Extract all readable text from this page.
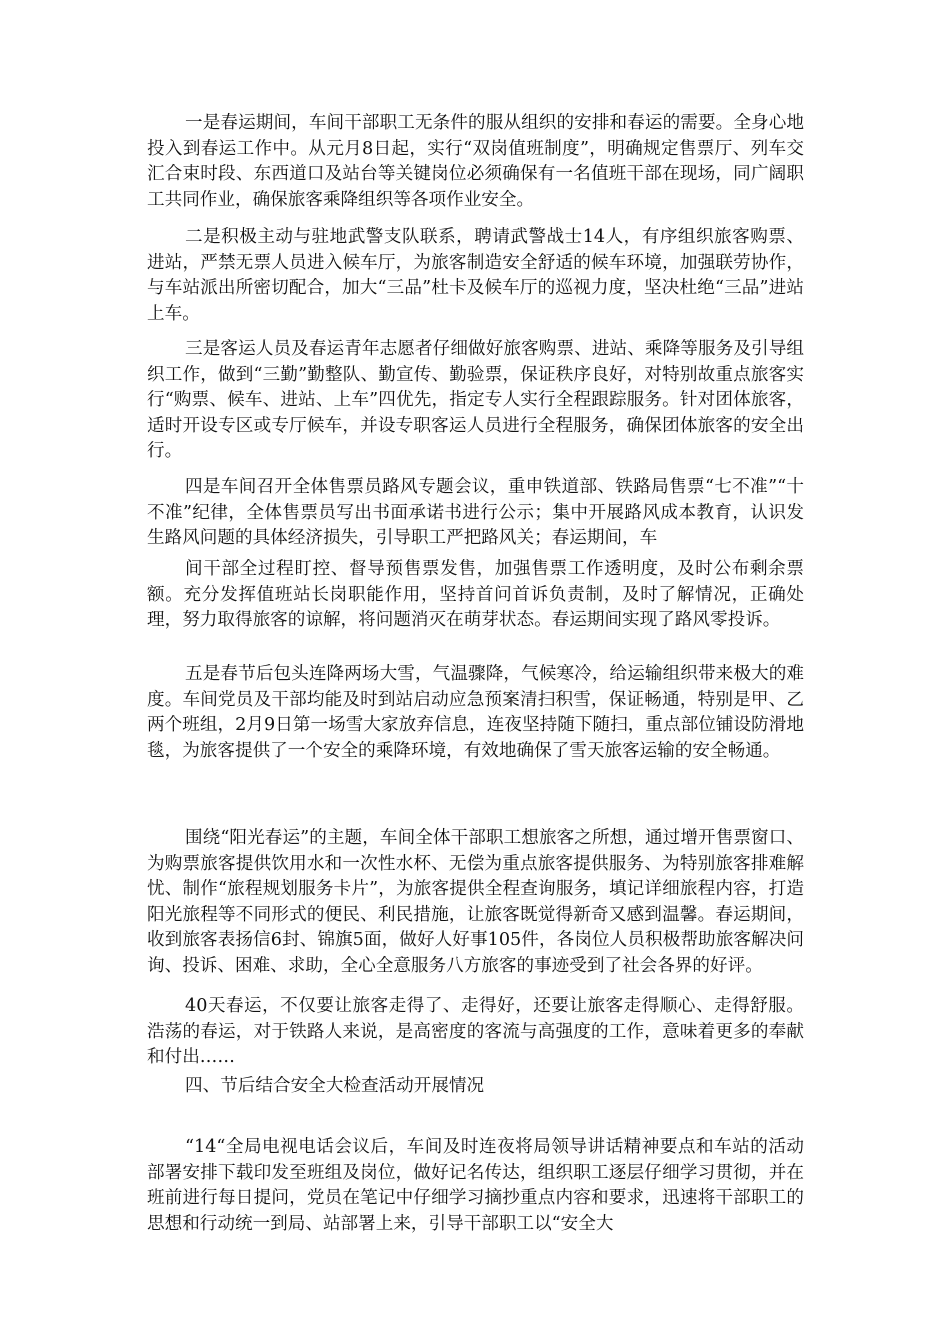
一是春运期间，车间干部职工无条件的服从组织的安排和春运的需要。全身心地投入到春运工作中。从元月8日起，实行“双岗值班制度”，明确规定售票厅、列车交汇合束时段、东西道口及站台等关键岗位必须确保有一名值班干部在现场，同广阔职工共同作业，确保旅客乘降组织等各项作业安全。

二是积极主动与驻地武警支队联系，聘请武警战士14人，有序组织旅客购票、进站，严禁无票人员进入候车厅，为旅客制造安全舒适的候车环境，加强联劳协作，与车站派出所密切配合，加大“三品”杜卡及候车厅的巡视力度，坚决杜绝“三品”进站上车。

三是客运人员及春运青年志愿者仔细做好旅客购票、进站、乘降等服务及引导组织工作，做到“三勤”勤整队、勤宣传、勤验票，保证秩序良好，对特别故重点旅客实行“购票、候车、进站、上车”四优先，指定专人实行全程跟踪服务。针对团体旅客，适时开设专区或专厅候车，并设专职客运人员进行全程服务，确保团体旅客的安全出行。

四是车间召开全体售票员路风专题会议，重申铁道部、铁路局售票“七不准”“十不准”纪律，全体售票员写出书面承诺书进行公示；集中开展路风成本教育，认识发生路风问题的具体经济损失，引导职工严把路风关；春运期间，车

间干部全过程盯控、督导预售票发售，加强售票工作透明度，及时公布剩余票额。充分发挥值班站长岗职能作用，坚持首问首诉负责制，及时了解情况，正确处理，努力取得旅客的谅解，将问题消灭在萌芽状态。春运期间实现了路风零投诉。

五是春节后包头连降两场大雪，气温骤降，气候寒冷，给运输组织带来极大的难度。车间党员及干部均能及时到站启动应急预案清扫积雪，保证畅通，特别是甲、乙两个班组，2月9日第一场雪大家放弃信息，连夜坚持随下随扫，重点部位铺设防滑地毯，为旅客提供了一个安全的乘降环境，有效地确保了雪天旅客运输的安全畅通。

围绕“阳光春运”的主题，车间全体干部职工想旅客之所想，通过增开售票窗口、为购票旅客提供饮用水和一次性水杯、无偿为重点旅客提供服务、为特别旅客排难解忧、制作“旅程规划服务卡片”，为旅客提供全程查询服务，填记详细旅程内容，打造阳光旅程等不同形式的便民、利民措施，让旅客既觉得新奇又感到温馨。春运期间，收到旅客表扬信6封、锦旗5面，做好人好事105件，各岗位人员积极帮助旅客解决问询、投诉、困难、求助，全心全意服务八方旅客的事迹受到了社会各界的好评。

40天春运，不仅要让旅客走得了、走得好，还要让旅客走得顺心、走得舒服。浩荡的春运，对于铁路人来说，是高密度的客流与高强度的工作，意味着更多的奉献和付出……

四、节后结合安全大检查活动开展情况

“14“全局电视电话会议后，车间及时连夜将局领导讲话精神要点和车站的活动部署安排下载印发至班组及岗位，做好记名传达，组织职工逐层仔细学习贯彻，并在班前进行每日提问，党员在笔记中仔细学习摘抄重点内容和要求，迅速将干部职工的思想和行动统一到局、站部署上来，引导干部职工以“安全大
